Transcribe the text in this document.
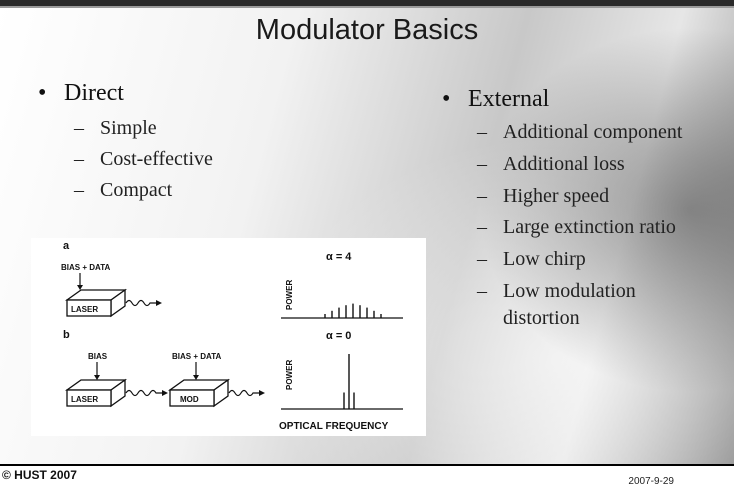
Modulator Basics
• Direct
– Simple
– Cost-effective
– Compact
• External
– Additional component
– Additional loss
– Higher speed
– Large extinction ratio
– Low chirp
– Low modulation
distortion
a
BIAS + DATA
LASER
α = 4
POWER
b
BIAS
LASER
BIAS + DATA
MOD
α = 0
POWER
OPTICAL FREQUENCY
© HUST 2007	2007-9-29
